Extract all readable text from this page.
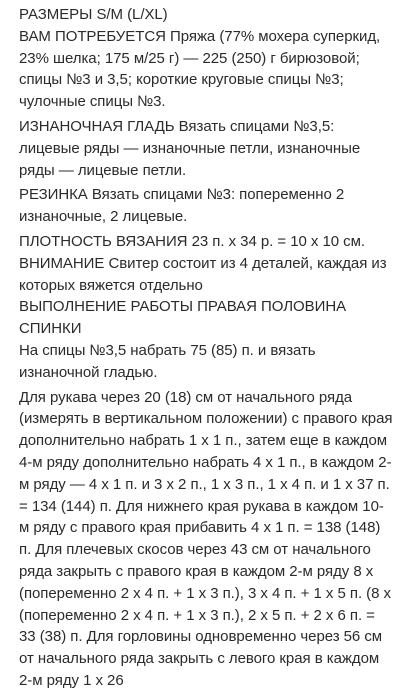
РАЗМЕРЫ S/M (L/XL)

ВАМ ПОТРЕБУЕТСЯ Пряжа (77% мохера суперкид, 23% шелка; 175 м/25 г) — 225 (250) г бирюзовой; спицы №3 и 3,5; короткие круговые спицы №3; чулочные спицы №3.

ИЗНАНОЧНАЯ ГЛАДЬ Вязать спицами №3,5: лицевые ряды — изнаночные петли, изнаночные ряды — лицевые петли.

РЕЗИНКА Вязать спицами №3: попеременно 2 изнаночные, 2 лицевые.

ПЛОТНОСТЬ ВЯЗАНИЯ 23 п. х 34 р. = 10 х 10 см.

ВНИМАНИЕ Свитер состоит из 4 деталей, каждая из которых вяжется отдельно

ВЫПОЛНЕНИЕ РАБОТЫ ПРАВАЯ ПОЛОВИНА СПИНКИ

На спицы №3,5 набрать 75 (85) п. и вязать изнаночной гладью.

Для рукава через 20 (18) см от начального ряда (измерять в вертикальном положении) с правого края дополнительно набрать 1 х 1 п., затем еще в каждом 4-м ряду дополнительно набрать 4 х 1 п., в каждом 2-м ряду — 4 х 1 п. и 3 х 2 п., 1 х 3 п., 1 х 4 п. и 1 х 37 п. = 134 (144) п. Для нижнего края рукава в каждом 10-м ряду с правого края прибавить 4 х 1 п. = 138 (148) п. Для плечевых скосов через 43 см от начального ряда закрыть с правого края в каждом 2-м ряду 8 х (попеременно 2 х 4 п. + 1 х 3 п.), 3 х 4 п. + 1 х 5 п. (8 х (попеременно 2 х 4 п. + 1 х 3 п.), 2 х 5 п. + 2 х 6 п. = 33 (38) п. Для горловины одновременно через 56 см от начального ряда закрыть с левого края в каждом 2-м ряду 1 х 26
